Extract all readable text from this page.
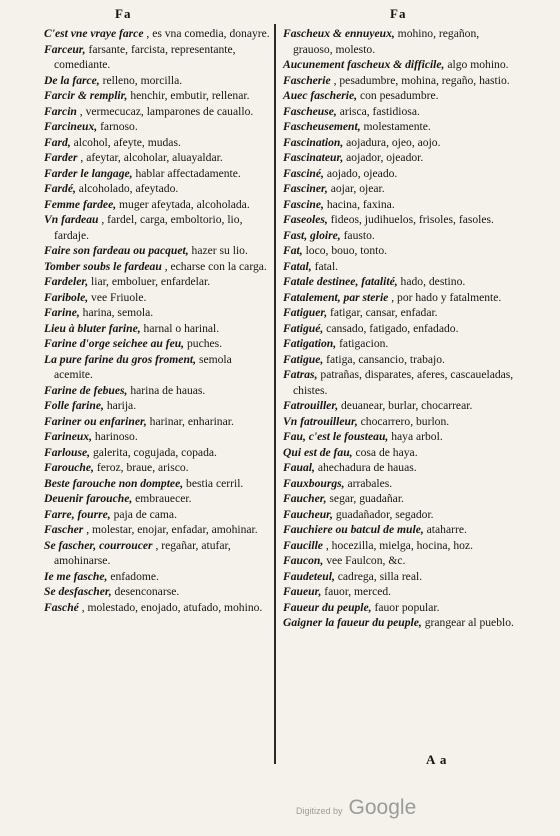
Fa	Fa

C'est vne vraye farce , es vna comedia, donayre.

Farceur, farsante, farcista, representante, comediante.

De la farce, relleno, morcilla.

Farcir & remplir, henchir, embutir, rellenar.

Farcin , vermecucaz, lamparones de cauallo.

Farcineux, farnoso.

Fard, alcohol, afeyte, mudas.

Farder , afeytar, alcoholar, aluayaldar.

Farder le langage, hablar affectadamente.

Fardé, alcoholado, afeytado.

Femme fardee, muger afeytada, alcoholada.

Vn fardeau , fardel, carga, emboltorio, lio, fardaje.

Faire son fardeau ou pacquet, hazer su lio.

Tomber soubs le fardeau , echarse con la carga.

Fardeler, liar, emboluer, enfardelar.

Faribole, vee Friuole.

Farine, harina, semola.

Lieu à bluter farine, harnal o harinal.

Farine d'orge seichee au feu, puches.

La pure farine du gros froment, semola acemite.

Farine de febues, harina de hauas.

Folle farine, harija.

Fariner ou enfariner, harinar, enharinar.

Farineux, harinoso.

Farlouse, galerita, cogujada, copada.

Farouche, feroz, braue, arisco.

Beste farouche non domptee, bestia cerril.

Deuenir farouche, embrauecer.

Farre, fourre, paja de cama.

Fascher , molestar, enojar, enfadar, amohinar.

Se fascher, courroucer , regañar, atufar, amohinarse.

Ie me fasche, enfadome.

Se desfascher, desenconarse.

Fasché , molestado, enojado, atufado, mohino.

Fascheux & ennuyeux, mohino, regañon, grauoso, molesto.

Aucunement fascheux & difficile, algo mohino.

Fascherie , pesadumbre, mohina, regaño, hastio.

Auec fascherie, con pesadumbre.

Fascheuse, arisca, fastidiosa.

Fascheusement, molestamente.

Fascination, aojadura, ojeo, aojo.

Fascinateur, aojador, ojeador.

Fasciné, aojado, ojeado.

Fasciner, aojar, ojear.

Fascine, hacina, faxina.

Faseoles, fideos, judihuelos, frisoles, fasoles.

Fast, gloire, fausto.

Fat, loco, bouo, tonto.

Fatal, fatal.

Fatale destinee, fatalité, hado, destino.

Fatalement, par sterie , por hado y fatalmente.

Fatiguer, fatigar, cansar, enfadar.

Fatigué, cansado, fatigado, enfadado.

Fatigation, fatigacion.

Fatigue, fatiga, cansancio, trabajo.

Fatras, patrañas, disparates, aferes, cascaueladas, chistes.

Fatrouiller, deuanear, burlar, chocarrear.

Vn fatrouilleur, chocarrero, burlon.

Fau, c'est le fousteau, haya arbol.

Qui est de fau, cosa de haya.

Faual, ahechadura de hauas.

Fauxbourgs, arrabales.

Faucher, segar, guadañar.

Faucheur, guadañador, segador.

Fauchiere ou batcul de mule, ataharre.

Faucille , hocezilla, mielga, hocina, hoz.

Faucon, vee Faulcon, &c.

Faudeteul, cadrega, silla real.

Faueur, fauor, merced.

Faueur du peuple, fauor popular.

Gaigner la faueur du peuple, grangear al pueblo.

A a
Digitized by Google
